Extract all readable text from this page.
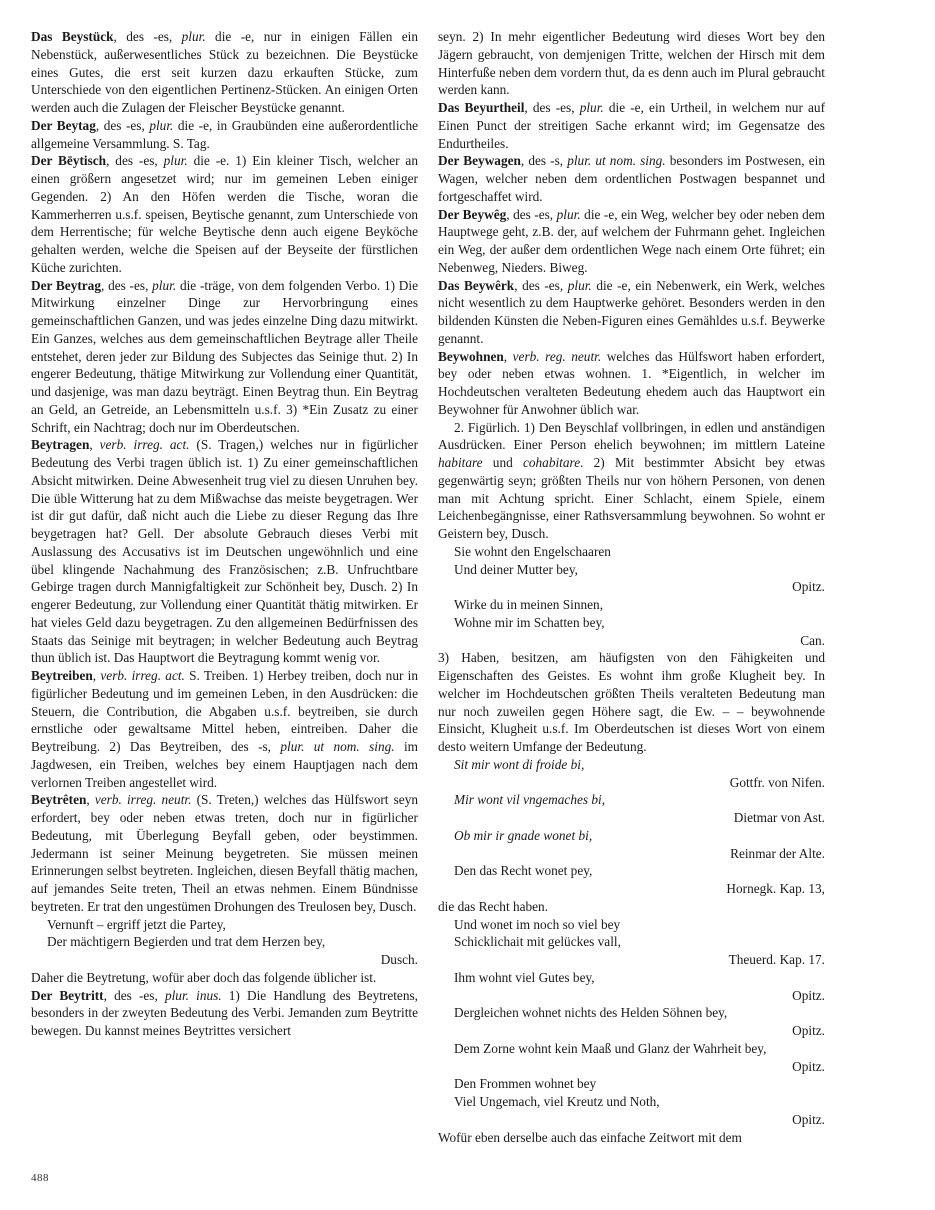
Das Beystück, des -es, plur. die -e, nur in einigen Fällen ein Nebenstück, außerwesentliches Stück zu bezeichnen. Die Beystücke eines Gutes, die erst seit kurzen dazu erkauften Stücke, zum Unterschiede von den eigentlichen Pertinenz-Stücken. An einigen Orten werden auch die Zulagen der Fleischer Beystücke genannt.

Der Beytag, des -es, plur. die -e, in Graubünden eine außerordentliche allgemeine Versammlung. S. Tag.

Der Bēytisch, des -es, plur. die -e. 1) Ein kleiner Tisch, welcher an einen größern angesetzet wird; nur im gemeinen Leben einiger Gegenden. 2) An den Höfen werden die Tische, woran die Kammerherren u.s.f. speisen, Beytische genannt, zum Unterschiede von dem Herrentische; für welche Beytische denn auch eigene Beyköche gehalten werden, welche die Speisen auf der Beyseite der fürstlichen Küche zurichten.

Der Beytrag, des -es, plur. die -träge, von dem folgenden Verbo. 1) Die Mitwirkung einzelner Dinge zur Hervorbringung eines gemeinschaftlichen Ganzen, und was jedes einzelne Ding dazu mitwirkt. Ein Ganzes, welches aus dem gemeinschaftlichen Beytrage aller Theile entstehet, deren jeder zur Bildung des Subjectes das Seinige thut. 2) In engerer Bedeutung, thätige Mitwirkung zur Vollendung einer Quantität, und dasjenige, was man dazu beyträgt. Einen Beytrag thun. Ein Beytrag an Geld, an Getreide, an Lebensmitteln u.s.f. 3) *Ein Zusatz zu einer Schrift, ein Nachtrag; doch nur im Oberdeutschen.

Beytragen, verb. irreg. act. (S. Tragen,) welches nur in figürlicher Bedeutung des Verbi tragen üblich ist. 1) Zu einer gemeinschaftlichen Absicht mitwirken. Deine Abwesenheit trug viel zu diesen Unruhen bey. Die üble Witterung hat zu dem Mißwachse das meiste beygetragen. Wer ist dir gut dafür, daß nicht auch die Liebe zu dieser Regung das Ihre beygetragen hat? Gell. Der absolute Gebrauch dieses Verbi mit Auslassung des Accusativs ist im Deutschen ungewöhnlich und eine übel klingende Nachahmung des Französischen; z.B. Unfruchtbare Gebirge tragen durch Mannigfaltigkeit zur Schönheit bey, Dusch. 2) In engerer Bedeutung, zur Vollendung einer Quantität thätig mitwirken. Er hat vieles Geld dazu beygetragen. Zu den allgemeinen Bedürfnissen des Staats das Seinige mit beytragen; in welcher Bedeutung auch Beytrag thun üblich ist. Das Hauptwort die Beytragung kommt wenig vor.

Beytreiben, verb. irreg. act. S. Treiben. 1) Herbey treiben, doch nur in figürlicher Bedeutung und im gemeinen Leben, in den Ausdrücken: die Steuern, die Contribution, die Abgaben u.s.f. beytreiben, sie durch ernstliche oder gewaltsame Mittel heben, eintreiben. Daher die Beytreibung. 2) Das Beytreiben, des -s, plur. ut nom. sing. im Jagdwesen, ein Treiben, welches bey einem Hauptjagen nach dem verlornen Treiben angestellet wird.

Beytrêten, verb. irreg. neutr. (S. Treten,) welches das Hülfswort seyn erfordert, bey oder neben etwas treten, doch nur in figürlicher Bedeutung, mit Überlegung Beyfall geben, oder beystimmen. Jedermann ist seiner Meinung beygetreten. Sie müssen meinen Erinnerungen selbst beytreten. Ingleichen, diesen Beyfall thätig machen, auf jemandes Seite treten, Theil an etwas nehmen. Einem Bündnisse beytreten. Er trat den ungestümen Drohungen des Treulosen bey, Dusch.

Vernunft – ergriff jetzt die Partey,

Der mächtigern Begierden und trat dem Herzen bey,

Dusch.

Daher die Beytretung, wofür aber doch das folgende üblicher ist.

Der Beytritt, des -es, plur. inus. 1) Die Handlung des Beytretens, besonders in der zweyten Bedeutung des Verbi. Jemanden zum Beytritte bewegen. Du kannst meines Beytrittes versichert

seyn. 2) In mehr eigentlicher Bedeutung wird dieses Wort bey den Jägern gebraucht, von demjenigen Tritte, welchen der Hirsch mit dem Hinterfuße neben dem vordern thut, da es denn auch im Plural gebraucht werden kann.

Das Beyurtheil, des -es, plur. die -e, ein Urtheil, in welchem nur auf Einen Punct der streitigen Sache erkannt wird; im Gegensatze des Endurtheiles.

Der Beywagen, des -s, plur. ut nom. sing. besonders im Postwesen, ein Wagen, welcher neben dem ordentlichen Postwagen bespannet und fortgeschaffet wird.

Der Beywêg, des -es, plur. die -e, ein Weg, welcher bey oder neben dem Hauptwege geht, z.B. der, auf welchem der Fuhrmann gehet. Ingleichen ein Weg, der außer dem ordentlichen Wege nach einem Orte führet; ein Nebenweg, Nieders. Biweg.

Das Beywêrk, des -es, plur. die -e, ein Nebenwerk, ein Werk, welches nicht wesentlich zu dem Hauptwerke gehöret. Besonders werden in den bildenden Künsten die Neben-Figuren eines Gemähldes u.s.f. Beywerke genannt.

Beywohnen, verb. reg. neutr. welches das Hülfswort haben erfordert, bey oder neben etwas wohnen. 1. *Eigentlich, in welcher im Hochdeutschen veralteten Bedeutung ehedem auch das Hauptwort ein Beywohner für Anwohner üblich war.

2. Figürlich. 1) Den Beyschlaf vollbringen, in edlen und anständigen Ausdrücken. Einer Person ehelich beywohnen; im mittlern Lateine habitare und cohabitare. 2) Mit bestimmter Absicht bey etwas gegenwärtig seyn; größten Theils nur von höhern Personen, von denen man mit Achtung spricht. Einer Schlacht, einem Spiele, einem Leichenbegängnisse, einer Rathsversammlung beywohnen. So wohnt er Geistern bey, Dusch.

Sie wohnt den Engelschaaren

Und deiner Mutter bey,

Opitz.

Wirke du in meinen Sinnen,

Wohne mir im Schatten bey,

Can.

3) Haben, besitzen, am häufigsten von den Fähigkeiten und Eigenschaften des Geistes. Es wohnt ihm große Klugheit bey. In welcher im Hochdeutschen größten Theils veralteten Bedeutung man nur noch zuweilen gegen Höhere sagt, die Ew. – – beywohnende Einsicht, Klugheit u.s.f. Im Oberdeutschen ist dieses Wort von einem desto weitern Umfange der Bedeutung.

Sit mir wont di froide bi,

Gottfr. von Nifen.

Mir wont vil vngemaches bi,

Dietmar von Ast.

Ob mir ir gnade wonet bi,

Reinmar der Alte.

Den das Recht wonet pey,

Hornegk. Kap. 13,

die das Recht haben.

Und wonet im noch so viel bey

Schicklichait mit gelückes vall,

Theuerd. Kap. 17.

Ihm wohnt viel Gutes bey,

Opitz.

Dergleichen wohnet nichts des Helden Söhnen bey,

Opitz.

Dem Zorne wohnt kein Maaß und Glanz der Wahrheit bey,

Opitz.

Den Frommen wohnet bey

Viel Ungemach, viel Kreutz und Noth,

Opitz.

Wofür eben derselbe auch das einfache Zeitwort mit dem

488
